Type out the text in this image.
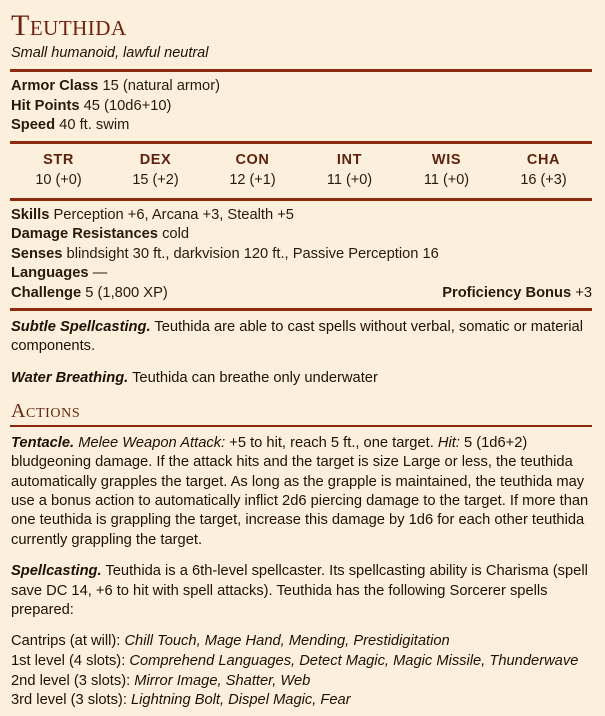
Teuthida
Small humanoid, lawful neutral
Armor Class 15 (natural armor)
Hit Points 45 (10d6+10)
Speed 40 ft. swim
STR
10 (+0)
DEX
15 (+2)
CON
12 (+1)
INT
11 (+0)
WIS
11 (+0)
CHA
16 (+3)
Skills Perception +6, Arcana +3, Stealth +5
Damage Resistances cold
Senses blindsight 30 ft., darkvision 120 ft., Passive Perception 16
Languages —
Challenge 5 (1,800 XP)	Proficiency Bonus +3

Subtle Spellcasting. Teuthida are able to cast spells without verbal, somatic or material components.

Water Breathing. Teuthida can breathe only underwater

Actions

Tentacle. Melee Weapon Attack: +5 to hit, reach 5 ft., one target. Hit: 5 (1d6+2) bludgeoning damage. If the attack hits and the target is size Large or less, the teuthida automatically grapples the target. As long as the grapple is maintained, the teuthida may use a bonus action to automatically inflict 2d6 piercing damage to the target. If more than one teuthida is grappling the target, increase this damage by 1d6 for each other teuthida currently grappling the target.

Spellcasting. Teuthida is a 6th-level spellcaster. Its spellcasting ability is Charisma (spell save DC 14, +6 to hit with spell attacks). Teuthida has the following Sorcerer spells prepared:

Cantrips (at will): Chill Touch, Mage Hand, Mending, Prestidigitation
1st level (4 slots): Comprehend Languages, Detect Magic, Magic Missile, Thunderwave
2nd level (3 slots): Mirror Image, Shatter, Web
3rd level (3 slots): Lightning Bolt, Dispel Magic, Fear
